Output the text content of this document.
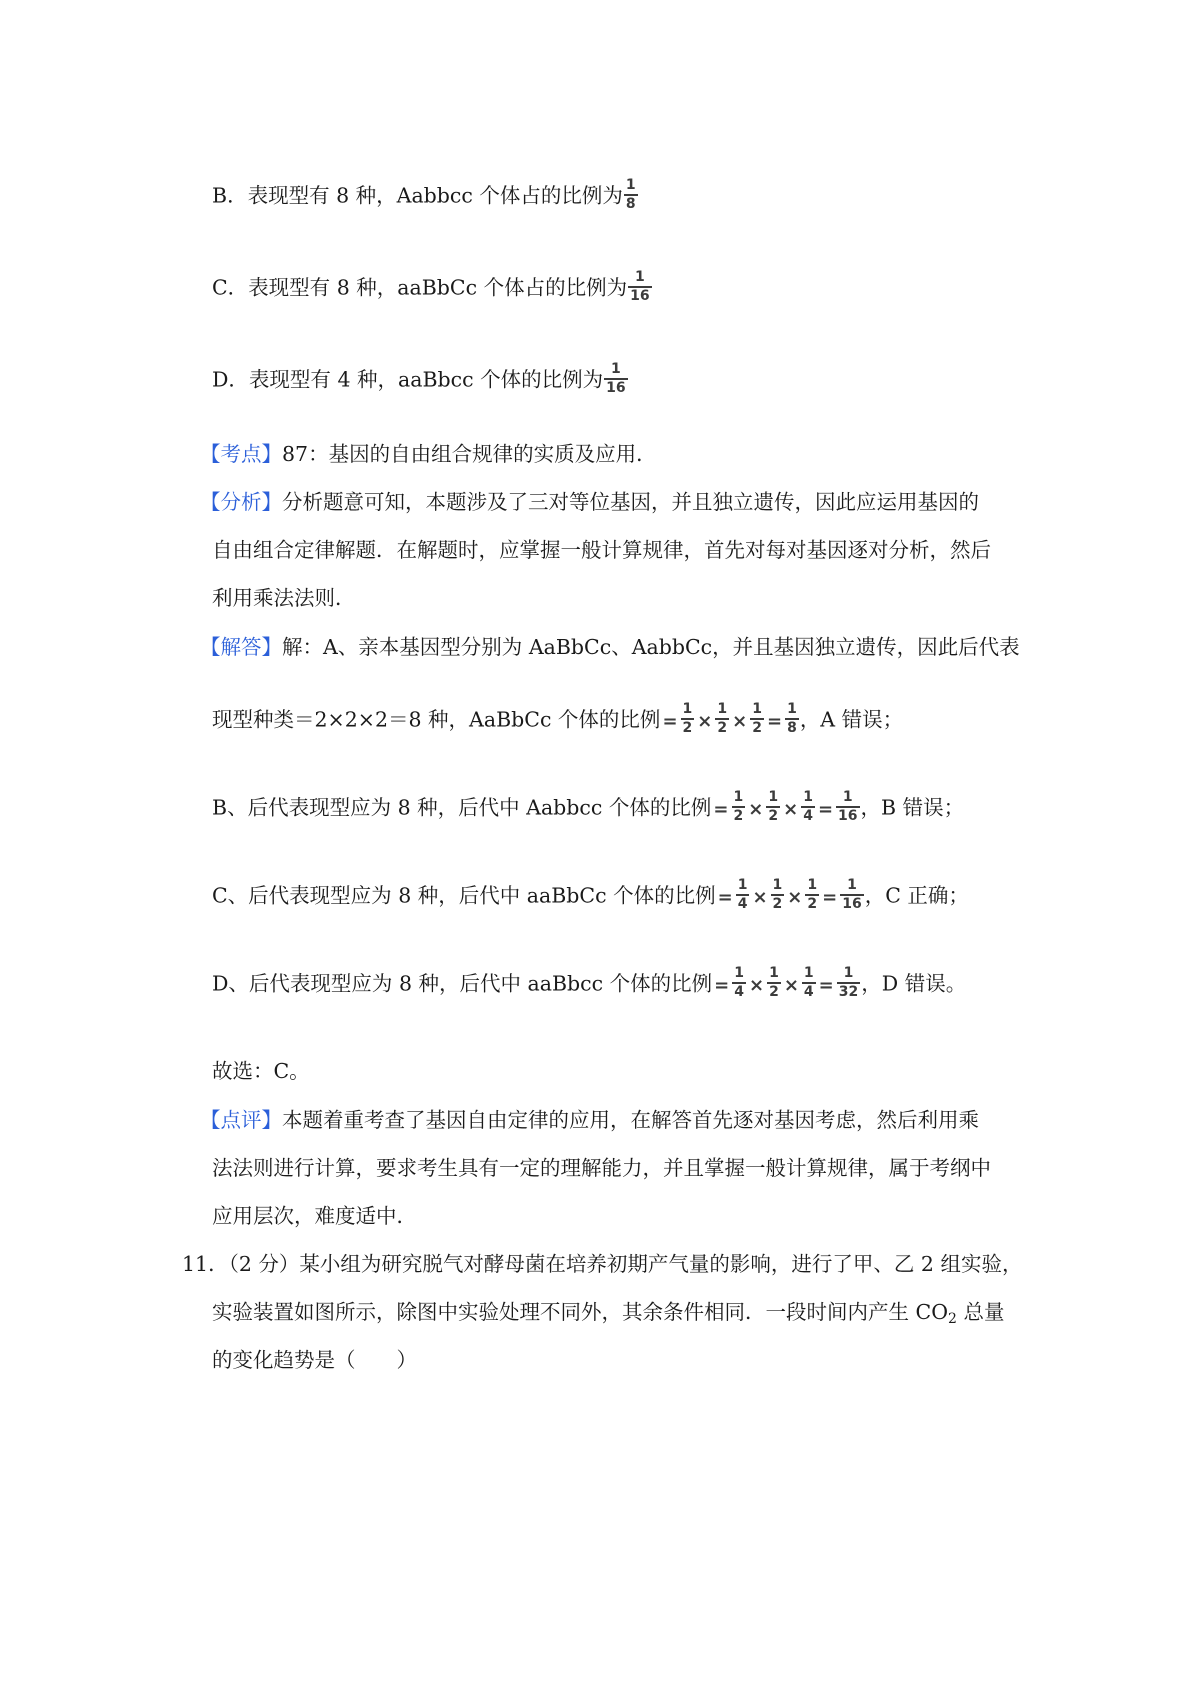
B．表现型有 8 种，Aabbcc 个体占的比例为 $\frac{1}{8}$
C．表现型有 8 种，aaBbCc 个体占的比例为 $\frac{1}{16}$
D．表现型有 4 种，aaBbcc 个体的比例为 $\frac{1}{16}$
【考点】87：基因的自由组合规律的实质及应用．
【分析】分析题意可知，本题涉及了三对等位基因，并且独立遗传，因此应运用基因的
自由组合定律解题．在解题时，应掌握一般计算规律，首先对每对基因逐对分析，然后
利用乘法法则．
【解答】解：A、亲本基因型分别为 AaBbCc、AabbCc，并且基因独立遗传，因此后代表
现型种类＝2×2×2＝8 种，AaBbCc 个体的比例 = $\frac{1}{2} \times \frac{1}{2} \times \frac{1}{2} = \frac{1}{8}$ ，A 错误；
B、后代表现型应为 8 种，后代中 Aabbcc 个体的比例 = $\frac{1}{2} \times \frac{1}{2} \times \frac{1}{4} = \frac{1}{16}$ ，B 错误；
C、后代表现型应为 8 种，后代中 aaBbCc 个体的比例 = $\frac{1}{4} \times \frac{1}{2} \times \frac{1}{2} = \frac{1}{16}$ ，C 正确；
D、后代表现型应为 8 种，后代中 aaBbcc 个体的比例 = $\frac{1}{4} \times \frac{1}{2} \times \frac{1}{4} = \frac{1}{32}$ ，D 错误。
故选：C。
【点评】本题着重考查了基因自由定律的应用，在解答首先逐对基因考虑，然后利用乘
法法则进行计算，要求考生具有一定的理解能力，并且掌握一般计算规律，属于考纲中
应用层次，难度适中．
11．（2 分）某小组为研究脱气对酵母菌在培养初期产气量的影响，进行了甲、乙 2 组实验，
实验装置如图所示，除图中实验处理不同外，其余条件相同．一段时间内产生 $CO_2$ 总量
的变化趋势是（　　）
